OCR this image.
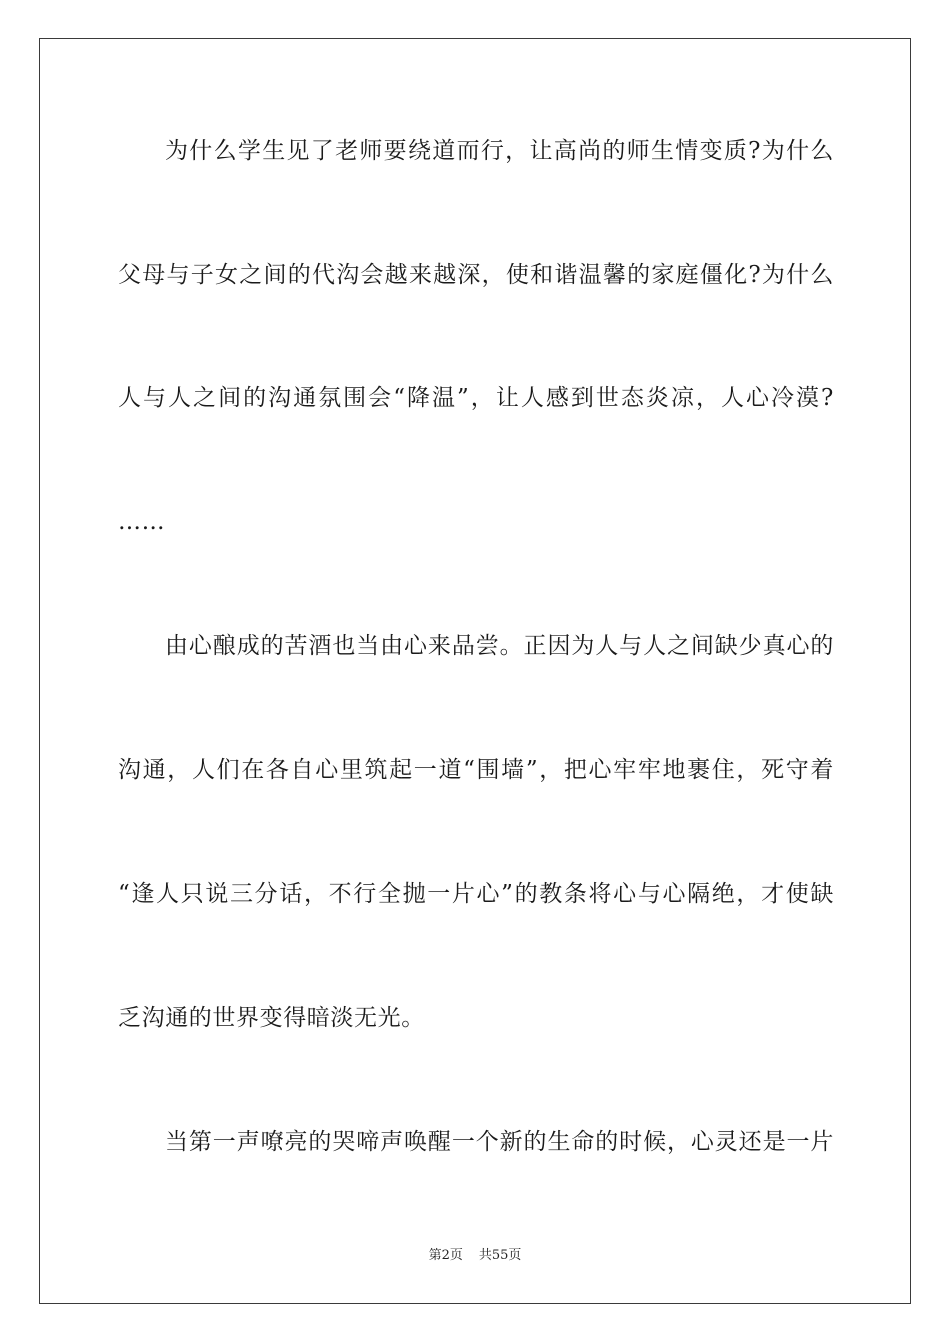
为什么学生见了老师要绕道而行，让高尚的师生情变质?为什么
父母与子女之间的代沟会越来越深，使和谐温馨的家庭僵化?为什么
人与人之间的沟通氛围会“降温”，让人感到世态炎凉，人心冷漠?
……
由心酿成的苦酒也当由心来品尝。正因为人与人之间缺少真心的
沟通，人们在各自心里筑起一道“围墙”，把心牢牢地裹住，死守着
“逢人只说三分话，不行全抛一片心”的教条将心与心隔绝，才使缺
乏沟通的世界变得暗淡无光。
当第一声嘹亮的哭啼声唤醒一个新的生命的时候，心灵还是一片
第2页 共55页
